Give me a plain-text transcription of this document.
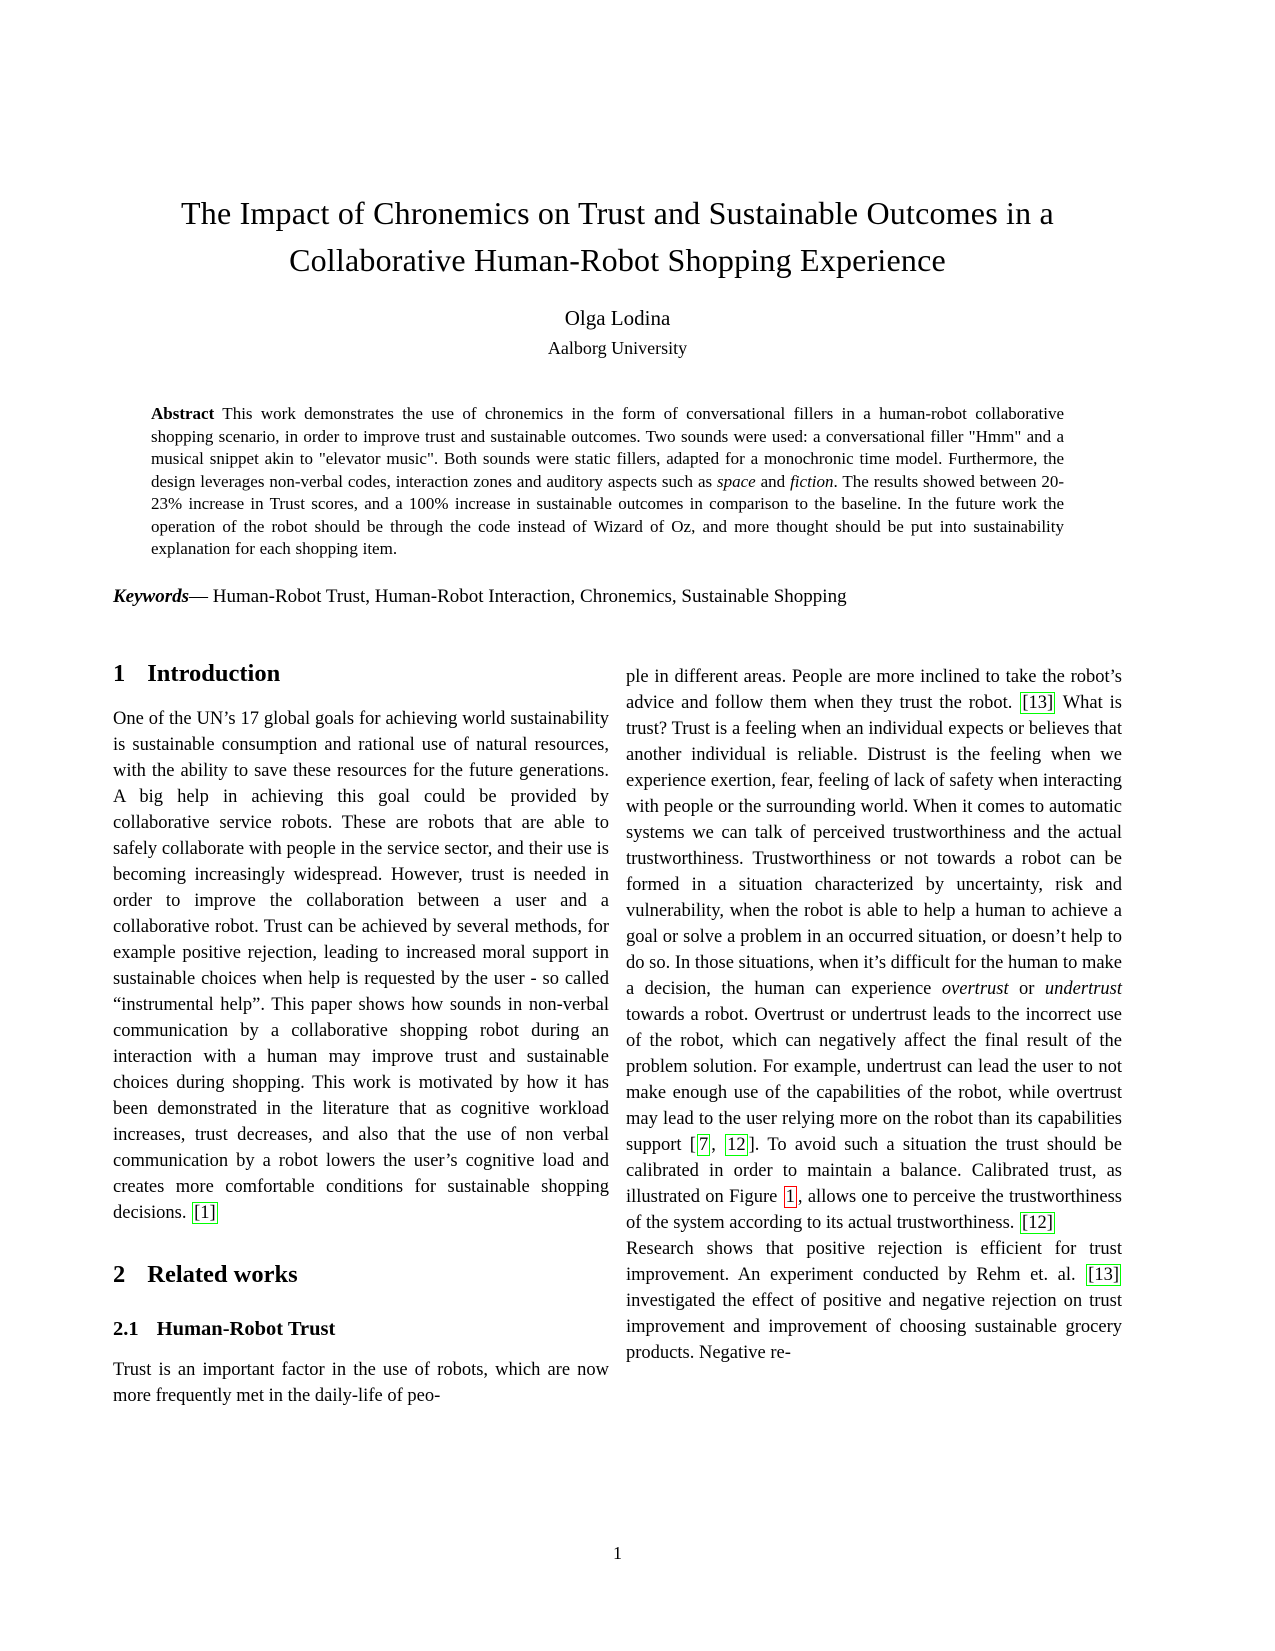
The Impact of Chronemics on Trust and Sustainable Outcomes in a
Collaborative Human-Robot Shopping Experience
Olga Lodina
Aalborg University

Abstract This work demonstrates the use of chronemics in the form of conversational fillers in a human-robot collaborative shopping scenario, in order to improve trust and sustainable outcomes. Two sounds were used: a conversational filler "Hmm" and a musical snippet akin to "elevator music". Both sounds were static fillers, adapted for a monochronic time model. Furthermore, the design leverages non-verbal codes, interaction zones and auditory aspects such as space and fiction. The results showed between 20-23% increase in Trust scores, and a 100% increase in sustainable outcomes in comparison to the baseline. In the future work the operation of the robot should be through the code instead of Wizard of Oz, and more thought should be put into sustainability explanation for each shopping item.

Keywords— Human-Robot Trust, Human-Robot Interaction, Chronemics, Sustainable Shopping

1 Introduction

One of the UN’s 17 global goals for achieving world sustainability is sustainable consumption and rational use of natural resources, with the ability to save these resources for the future generations. A big help in achieving this goal could be provided by collaborative service robots. These are robots that are able to safely collaborate with people in the service sector, and their use is becoming increasingly widespread. However, trust is needed in order to improve the collaboration between a user and a collaborative robot. Trust can be achieved by several methods, for example positive rejection, leading to increased moral support in sustainable choices when help is requested by the user - so called “instrumental help”. This paper shows how sounds in non-verbal communication by a collaborative shopping robot during an interaction with a human may improve trust and sustainable choices during shopping. This work is motivated by how it has been demonstrated in the literature that as cognitive workload increases, trust decreases, and also that the use of non verbal communication by a robot lowers the user’s cognitive load and creates more comfortable conditions for sustainable shopping decisions. [1]

2 Related works
2.1 Human-Robot Trust

Trust is an important factor in the use of robots, which are now more frequently met in the daily-life of peo-

ple in different areas. People are more inclined to take the robot’s advice and follow them when they trust the robot. [13] What is trust? Trust is a feeling when an individual expects or believes that another individual is reliable. Distrust is the feeling when we experience exertion, fear, feeling of lack of safety when interacting with people or the surrounding world. When it comes to automatic systems we can talk of perceived trustworthiness and the actual trustworthiness. Trustworthiness or not towards a robot can be formed in a situation characterized by uncertainty, risk and vulnerability, when the robot is able to help a human to achieve a goal or solve a problem in an occurred situation, or doesn’t help to do so. In those situations, when it’s difficult for the human to make a decision, the human can experience overtrust or undertrust towards a robot. Overtrust or undertrust leads to the incorrect use of the robot, which can negatively affect the final result of the problem solution. For example, undertrust can lead the user to not make enough use of the capabilities of the robot, while overtrust may lead to the user relying more on the robot than its capabilities support [ 7 , 12 ]. To avoid such a situation the trust should be calibrated in order to maintain a balance. Calibrated trust, as illustrated on Figure 1 , allows one to perceive the trustworthiness of the system according to its actual trustworthiness. [12]

Research shows that positive rejection is efficient for trust improvement. An experiment conducted by Rehm et. al. [13] investigated the effect of positive and negative rejection on trust improvement and improvement of choosing sustainable grocery products. Negative re-

1
